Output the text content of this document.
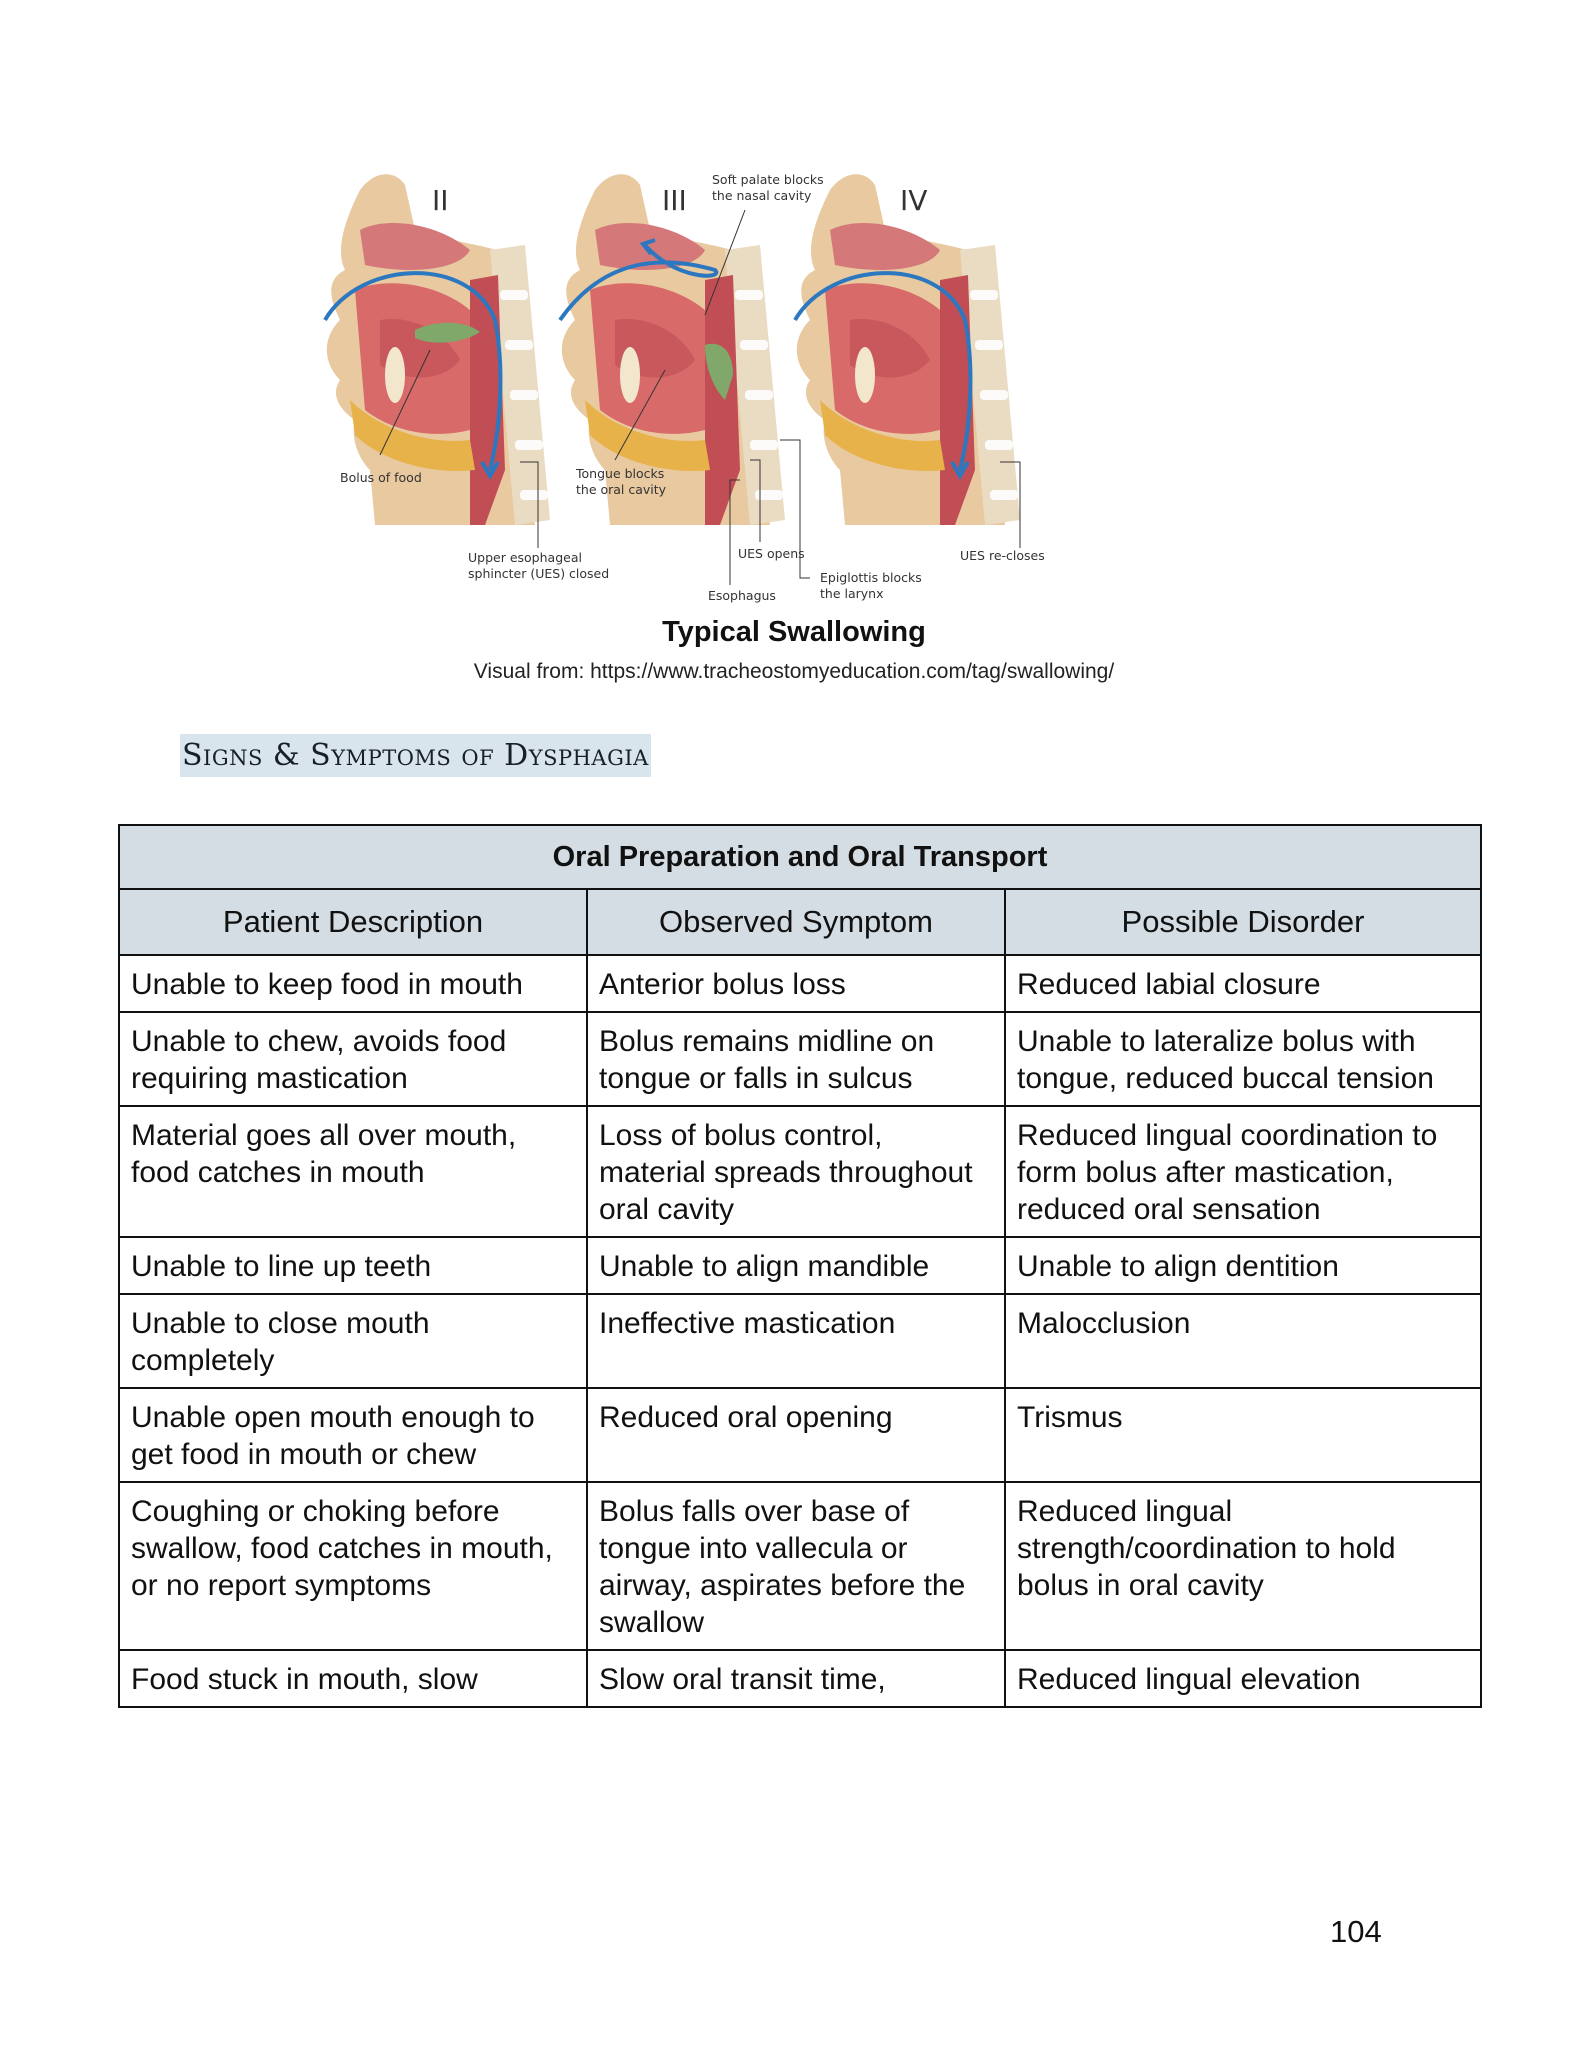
II
Bolus of food
Upper esophageal
sphincter (UES) closed
III
Soft palate blocks
the nasal cavity
Tongue blocks
the oral cavity
UES opens
Esophagus
Epiglottis blocks
the larynx
IV
UES re-closes
Typical Swallowing
Visual from: https://www.tracheostomyeducation.com/tag/swallowing/
Signs & Symptoms of Dysphagia
Oral Preparation and Oral Transport		
Patient Description	Observed Symptom	Possible Disorder
Unable to keep food in mouth	Anterior bolus loss	Reduced labial closure
Unable to chew, avoids food requiring mastication	Bolus remains midline on tongue or falls in sulcus	Unable to lateralize bolus with tongue, reduced buccal tension
Material goes all over mouth, food catches in mouth	Loss of bolus control, material spreads throughout oral cavity	Reduced lingual coordination to form bolus after mastication, reduced oral sensation
Unable to line up teeth	Unable to align mandible	Unable to align dentition
Unable to close mouth completely	Ineffective mastication	Malocclusion
Unable open mouth enough to get food in mouth or chew	Reduced oral opening	Trismus
Coughing or choking before swallow, food catches in mouth, or no report symptoms	Bolus falls over base of tongue into vallecula or airway, aspirates before the swallow	Reduced lingual strength/coordination to hold bolus in oral cavity
Food stuck in mouth, slow	Slow oral transit time,	Reduced lingual elevation
104
